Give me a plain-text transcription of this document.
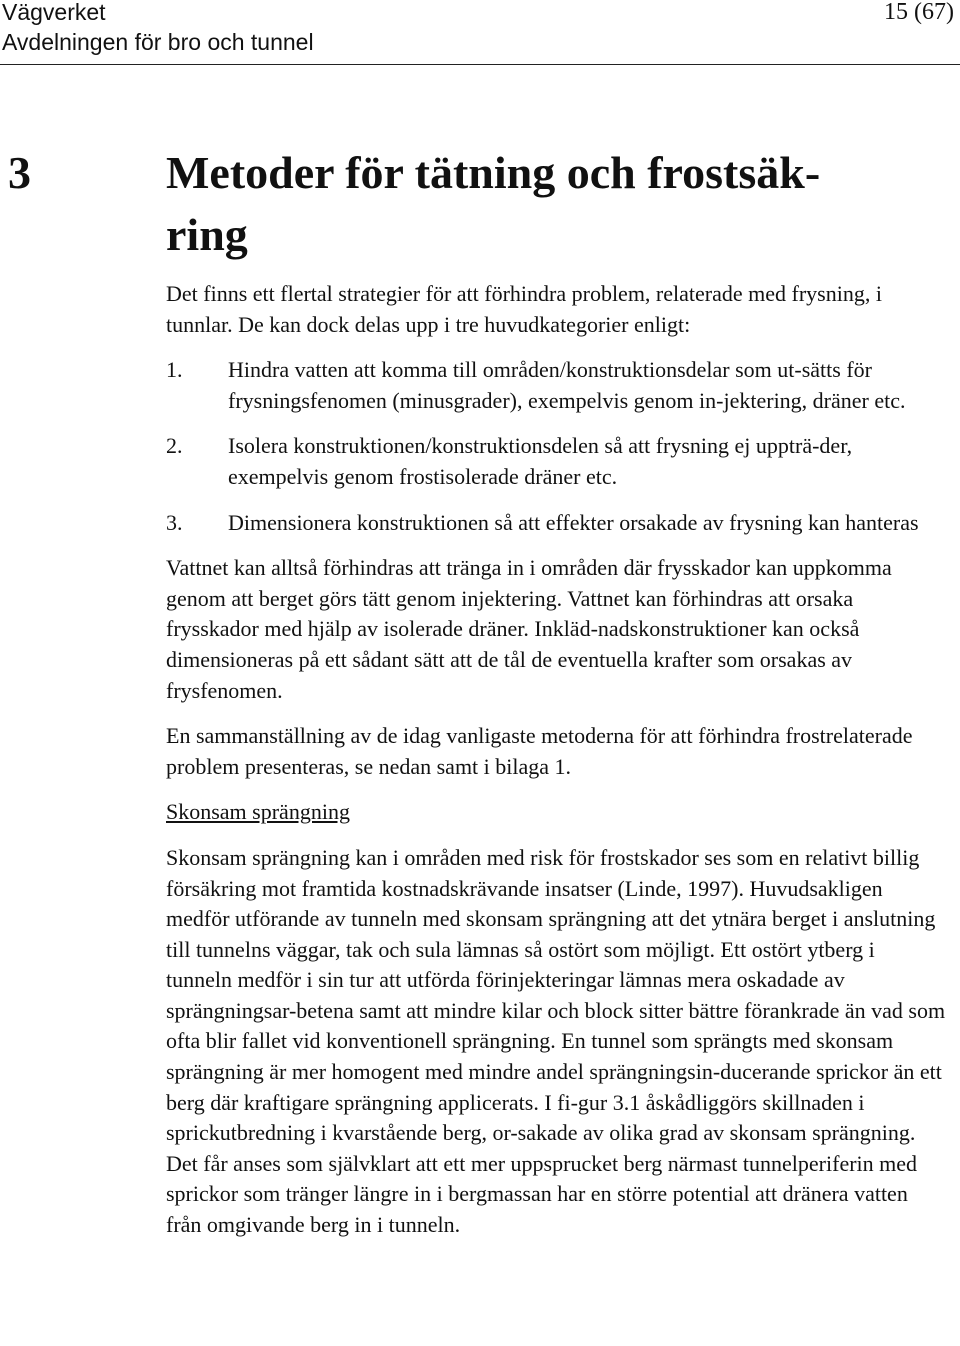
Vägverket
Avdelningen för bro och tunnel
15 (67)
3	Metoder för tätning och frostsäk-
ring

Det finns ett flertal strategier för att förhindra problem, relaterade med frysning, i tunnlar. De kan dock delas upp i tre huvudkategorier enligt:

1. Hindra vatten att komma till områden/konstruktionsdelar som ut-sätts för frysningsfenomen (minusgrader), exempelvis genom in-jektering, dräner etc.
2. Isolera konstruktionen/konstruktionsdelen så att frysning ej uppträ-der, exempelvis genom frostisolerade dräner etc.
3. Dimensionera konstruktionen så att effekter orsakade av frysning kan hanteras

Vattnet kan alltså förhindras att tränga in i områden där frysskador kan uppkomma genom att berget görs tätt genom injektering. Vattnet kan förhindras att orsaka frysskador med hjälp av isolerade dräner. Inkläd-nadskonstruktioner kan också dimensioneras på ett sådant sätt att de tål de eventuella krafter som orsakas av frysfenomen.

En sammanställning av de idag vanligaste metoderna för att förhindra frostrelaterade problem presenteras, se nedan samt i bilaga 1.

Skonsam sprängning

Skonsam sprängning kan i områden med risk för frostskador ses som en relativt billig försäkring mot framtida kostnadskrävande insatser (Linde, 1997). Huvudsakligen medför utförande av tunneln med skonsam sprängning att det ytnära berget i anslutning till tunnelns väggar, tak och sula lämnas så ostört som möjligt. Ett ostört ytberg i tunneln medför i sin tur att utförda förinjekteringar lämnas mera oskadade av sprängningsar-betena samt att mindre kilar och block sitter bättre förankrade än vad som ofta blir fallet vid konventionell sprängning. En tunnel som sprängts med skonsam sprängning är mer homogent med mindre andel sprängningsin-ducerande sprickor än ett berg där kraftigare sprängning applicerats. I fi-gur 3.1 åskådliggörs skillnaden i sprickutbredning i kvarstående berg, or-sakade av olika grad av skonsam sprängning. Det får anses som självklart att ett mer uppsprucket berg närmast tunnelperiferin med sprickor som tränger längre in i bergmassan har en större potential att dränera vatten från omgivande berg in i tunneln.
